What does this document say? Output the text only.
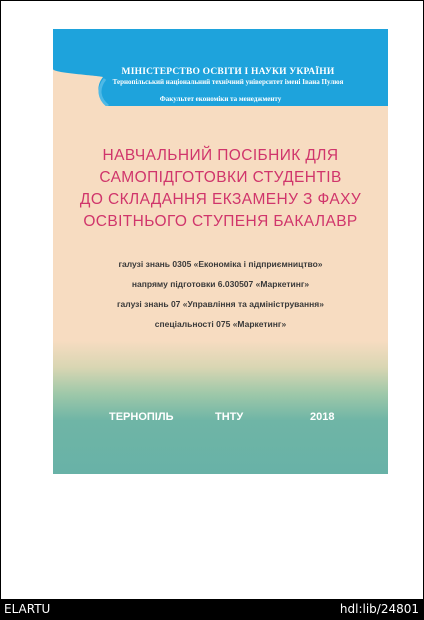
МІНІСТЕРСТВО ОСВІТИ І НАУКИ УКРАЇНИ
Тернопільський національний технічний університет імені Івана Пулюя
Факультет економіки та менеджменту
НАВЧАЛЬНИЙ ПОСІБНИК ДЛЯ
САМОПІДГОТОВКИ СТУДЕНТІВ
ДО СКЛАДАННЯ ЕКЗАМЕНУ З ФАХУ
ОСВІТНЬОГО СТУПЕНЯ БАКАЛАВР
галузі знань 0305 «Економіка і підприємництво»
напряму підготовки 6.030507 «Маркетинг»
галузі знань 07 «Управління та адміністрування»
спеціальності 075 «Маркетинг»
ТЕРНОПІЛЬ	ТНТУ	2018
ELARTU	hdl:lib/24801
